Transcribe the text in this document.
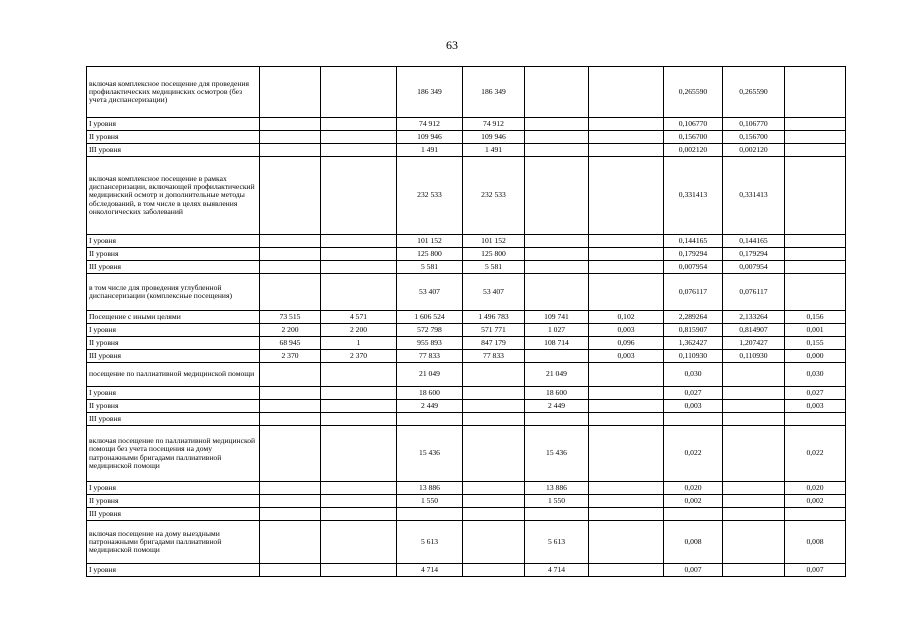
63
включая комплексное посещение для проведения профилактических медицинских осмотров (без учета диспансеризации)			186 349	186 349			0,265590	0,265590	
I уровня			74 912	74 912			0,106770	0,106770	
II уровня			109 946	109 946			0,156700	0,156700	
III уровня			1 491	1 491			0,002120	0,002120	
включая комплексное посещение в рамках диспансеризации, включающей профилактический медицинский осмотр и дополнительные методы обследований, в том числе в целях выявления онкологических заболеваний			232 533	232 533			0,331413	0,331413	
I уровня			101 152	101 152			0,144165	0,144165	
II уровня			125 800	125 800			0,179294	0,179294	
III уровня			5 581	5 581			0,007954	0,007954	
в том числе для проведения углубленной диспансеризации (комплексные посещения)			53 407	53 407			0,076117	0,076117	
Посещение с иными целями	73 515	4 571	1 606 524	1 496 783	109 741	0,102	2,289264	2,133264	0,156
I уровня	2 200	2 200	572 798	571 771	1 027	0,003	0,815907	0,814907	0,001
II уровня	68 945	1	955 893	847 179	108 714	0,096	1,362427	1,207427	0,155
III уровня	2 370	2 370	77 833	77 833		0,003	0,110930	0,110930	0,000
посещение по паллиативной медицинской помощи			21 049		21 049		0,030		0,030
I уровня			18 600		18 600		0,027		0,027
II уровня			2 449		2 449		0,003		0,003
III уровня									
включая посещение по паллиативной медицинской помощи без учета посещения на дому патронажными бригадами паллиативной медицинской помощи			15 436		15 436		0,022		0,022
I уровня			13 886		13 886		0,020		0,020
II уровня			1 550		1 550		0,002		0,002
III уровня									
включая посещение на дому выездными патронажными бригадами паллиативной медицинской помощи			5 613		5 613		0,008		0,008
I уровня			4 714		4 714		0,007		0,007
